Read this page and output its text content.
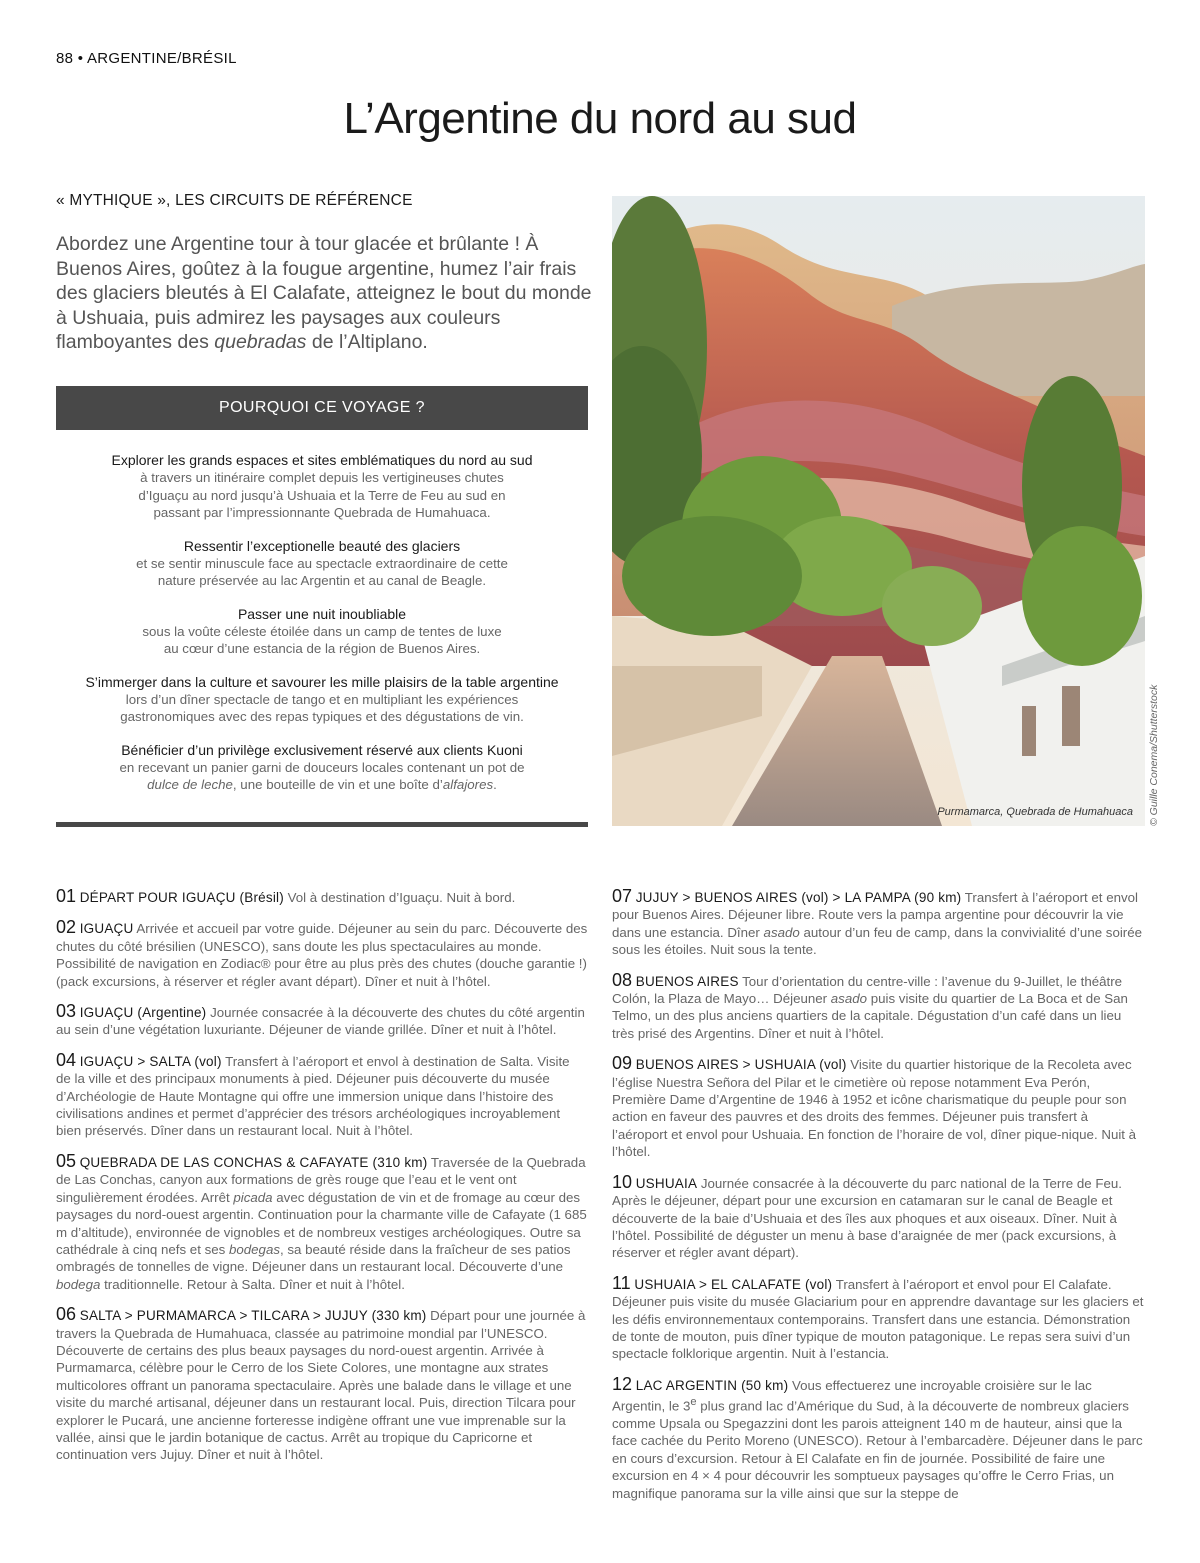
88 • ARGENTINE/BRÉSIL
L’Argentine du nord au sud
« MYTHIQUE », LES CIRCUITS DE RÉFÉRENCE

Abordez une Argentine tour à tour glacée et brûlante ! À Buenos Aires, goûtez à la fougue argentine, humez l’air frais des glaciers bleutés à El Calafate, atteignez le bout du monde à Ushuaia, puis admirez les paysages aux couleurs flamboyantes des quebradas de l’Altiplano.

POURQUOI CE VOYAGE ?
Explorer les grands espaces et sites emblématiques du nord au sud
à travers un itinéraire complet depuis les vertigineuses chutes
d’Iguaçu au nord jusqu’à Ushuaia et la Terre de Feu au sud en
passant par l’impressionnante Quebrada de Humahuaca.
Ressentir l’exceptionelle beauté des glaciers
et se sentir minuscule face au spectacle extraordinaire de cette
nature préservée au lac Argentin et au canal de Beagle.
Passer une nuit inoubliable
sous la voûte céleste étoilée dans un camp de tentes de luxe
au cœur d’une estancia de la région de Buenos Aires.
S’immerger dans la culture et savourer les mille plaisirs de la table argentine
lors d’un dîner spectacle de tango et en multipliant les expériences
gastronomiques avec des repas typiques et des dégustations de vin.
Bénéficier d’un privilège exclusivement réservé aux clients Kuoni
en recevant un panier garni de douceurs locales contenant un pot de
dulce de leche, une bouteille de vin et une boîte d’alfajores.
Purmamarca, Quebrada de Humahuaca © Guille Conema/Shutterstock

01 DÉPART POUR IGUAÇU (Brésil) Vol à destination d’Iguaçu. Nuit à bord.

02 IGUAÇU Arrivée et accueil par votre guide. Déjeuner au sein du parc. Découverte des chutes du côté brésilien (UNESCO), sans doute les plus spectaculaires au monde. Possibilité de navigation en Zodiac® pour être au plus près des chutes (douche garantie !) (pack excursions, à réserver et régler avant départ). Dîner et nuit à l’hôtel.

03 IGUAÇU (Argentine) Journée consacrée à la découverte des chutes du côté argentin au sein d’une végétation luxuriante. Déjeuner de viande grillée. Dîner et nuit à l’hôtel.

04 IGUAÇU > SALTA (vol) Transfert à l’aéroport et envol à destination de Salta. Visite de la ville et des principaux monuments à pied. Déjeuner puis découverte du musée d’Archéologie de Haute Montagne qui offre une immersion unique dans l’histoire des civilisations andines et permet d’apprécier des trésors archéologiques incroyablement bien préservés. Dîner dans un restaurant local. Nuit à l’hôtel.

05 QUEBRADA DE LAS CONCHAS & CAFAYATE (310 km) Traversée de la Quebrada de Las Conchas, canyon aux formations de grès rouge que l’eau et le vent ont singulièrement érodées. Arrêt picada avec dégustation de vin et de fromage au cœur des paysages du nord-ouest argentin. Continuation pour la charmante ville de Cafayate (1 685 m d’altitude), environnée de vignobles et de nombreux vestiges archéologiques. Outre sa cathédrale à cinq nefs et ses bodegas, sa beauté réside dans la fraîcheur de ses patios ombragés de tonnelles de vigne. Déjeuner dans un restaurant local. Découverte d’une bodega traditionnelle. Retour à Salta. Dîner et nuit à l’hôtel.

06 SALTA > PURMAMARCA > TILCARA > JUJUY (330 km) Départ pour une journée à travers la Quebrada de Humahuaca, classée au patrimoine mondial par l’UNESCO. Découverte de certains des plus beaux paysages du nord-ouest argentin. Arrivée à Purmamarca, célèbre pour le Cerro de los Siete Colores, une montagne aux strates multicolores offrant un panorama spectaculaire. Après une balade dans le village et une visite du marché artisanal, déjeuner dans un restaurant local. Puis, direction Tilcara pour explorer le Pucará, une ancienne forteresse indigène offrant une vue imprenable sur la vallée, ainsi que le jardin botanique de cactus. Arrêt au tropique du Capricorne et continuation vers Jujuy. Dîner et nuit à l’hôtel.

07 JUJUY > BUENOS AIRES (vol) > LA PAMPA (90 km) Transfert à l’aéroport et envol pour Buenos Aires. Déjeuner libre. Route vers la pampa argentine pour découvrir la vie dans une estancia. Dîner asado autour d’un feu de camp, dans la convivialité d’une soirée sous les étoiles. Nuit sous la tente.

08 BUENOS AIRES Tour d’orientation du centre-ville : l’avenue du 9-Juillet, le théâtre Colón, la Plaza de Mayo… Déjeuner asado puis visite du quartier de La Boca et de San Telmo, un des plus anciens quartiers de la capitale. Dégustation d’un café dans un lieu très prisé des Argentins. Dîner et nuit à l’hôtel.

09 BUENOS AIRES > USHUAIA (vol) Visite du quartier historique de la Recoleta avec l’église Nuestra Señora del Pilar et le cimetière où repose notamment Eva Perón, Première Dame d’Argentine de 1946 à 1952 et icône charismatique du peuple pour son action en faveur des pauvres et des droits des femmes. Déjeuner puis transfert à l’aéroport et envol pour Ushuaia. En fonction de l’horaire de vol, dîner pique-nique. Nuit à l’hôtel.

10 USHUAIA Journée consacrée à la découverte du parc national de la Terre de Feu. Après le déjeuner, départ pour une excursion en catamaran sur le canal de Beagle et découverte de la baie d’Ushuaia et des îles aux phoques et aux oiseaux. Dîner. Nuit à l’hôtel. Possibilité de déguster un menu à base d’araignée de mer (pack excursions, à réserver et régler avant départ).

11 USHUAIA > EL CALAFATE (vol) Transfert à l’aéroport et envol pour El Calafate. Déjeuner puis visite du musée Glaciarium pour en apprendre davantage sur les glaciers et les défis environnementaux contemporains. Transfert dans une estancia. Démonstration de tonte de mouton, puis dîner typique de mouton patagonique. Le repas sera suivi d’un spectacle folklorique argentin. Nuit à l’estancia.

12 LAC ARGENTIN (50 km) Vous effectuerez une incroyable croisière sur le lac Argentin, le 3e plus grand lac d’Amérique du Sud, à la découverte de nombreux glaciers comme Upsala ou Spegazzini dont les parois atteignent 140 m de hauteur, ainsi que la face cachée du Perito Moreno (UNESCO). Retour à l’embarcadère. Déjeuner dans le parc en cours d’excursion. Retour à El Calafate en fin de journée. Possibilité de faire une excursion en 4 × 4 pour découvrir les somptueux paysages qu’offre le Cerro Frias, un magnifique panorama sur la ville ainsi que sur la steppe de
